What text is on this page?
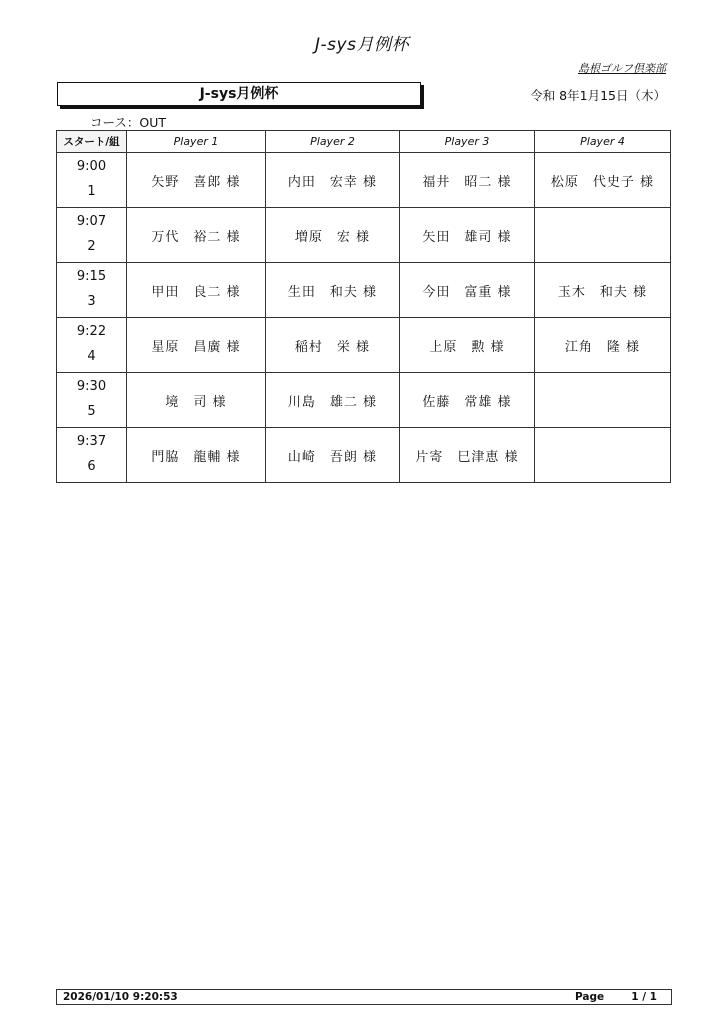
J-sys月例杯
島根ゴルフ倶楽部
J-sys月例杯	令和 8年1月15日（木）
コース：OUT
スタート/組	Player 1	Player 2	Player 3	Player 4

9:00
1	矢野　喜郎 様	内田　宏幸 様	福井　昭二 様	松原　代史子 様

9:07
2	万代　裕二 様	増原　宏 様	矢田　雄司 様	

9:15
3	甲田　良二 様	生田　和夫 様	今田　富重 様	玉木　和夫 様

9:22
4	星原　昌廣 様	稲村　栄 様	上原　勲 様	江角　隆 様

9:30
5	境　司 様	川島　雄二 様	佐藤　常雄 様	

9:37
6	門脇　龍輔 様	山崎　吾朗 様	片寄　巳津恵 様	
2026/01/10 9:20:53	Page	1 / 1
